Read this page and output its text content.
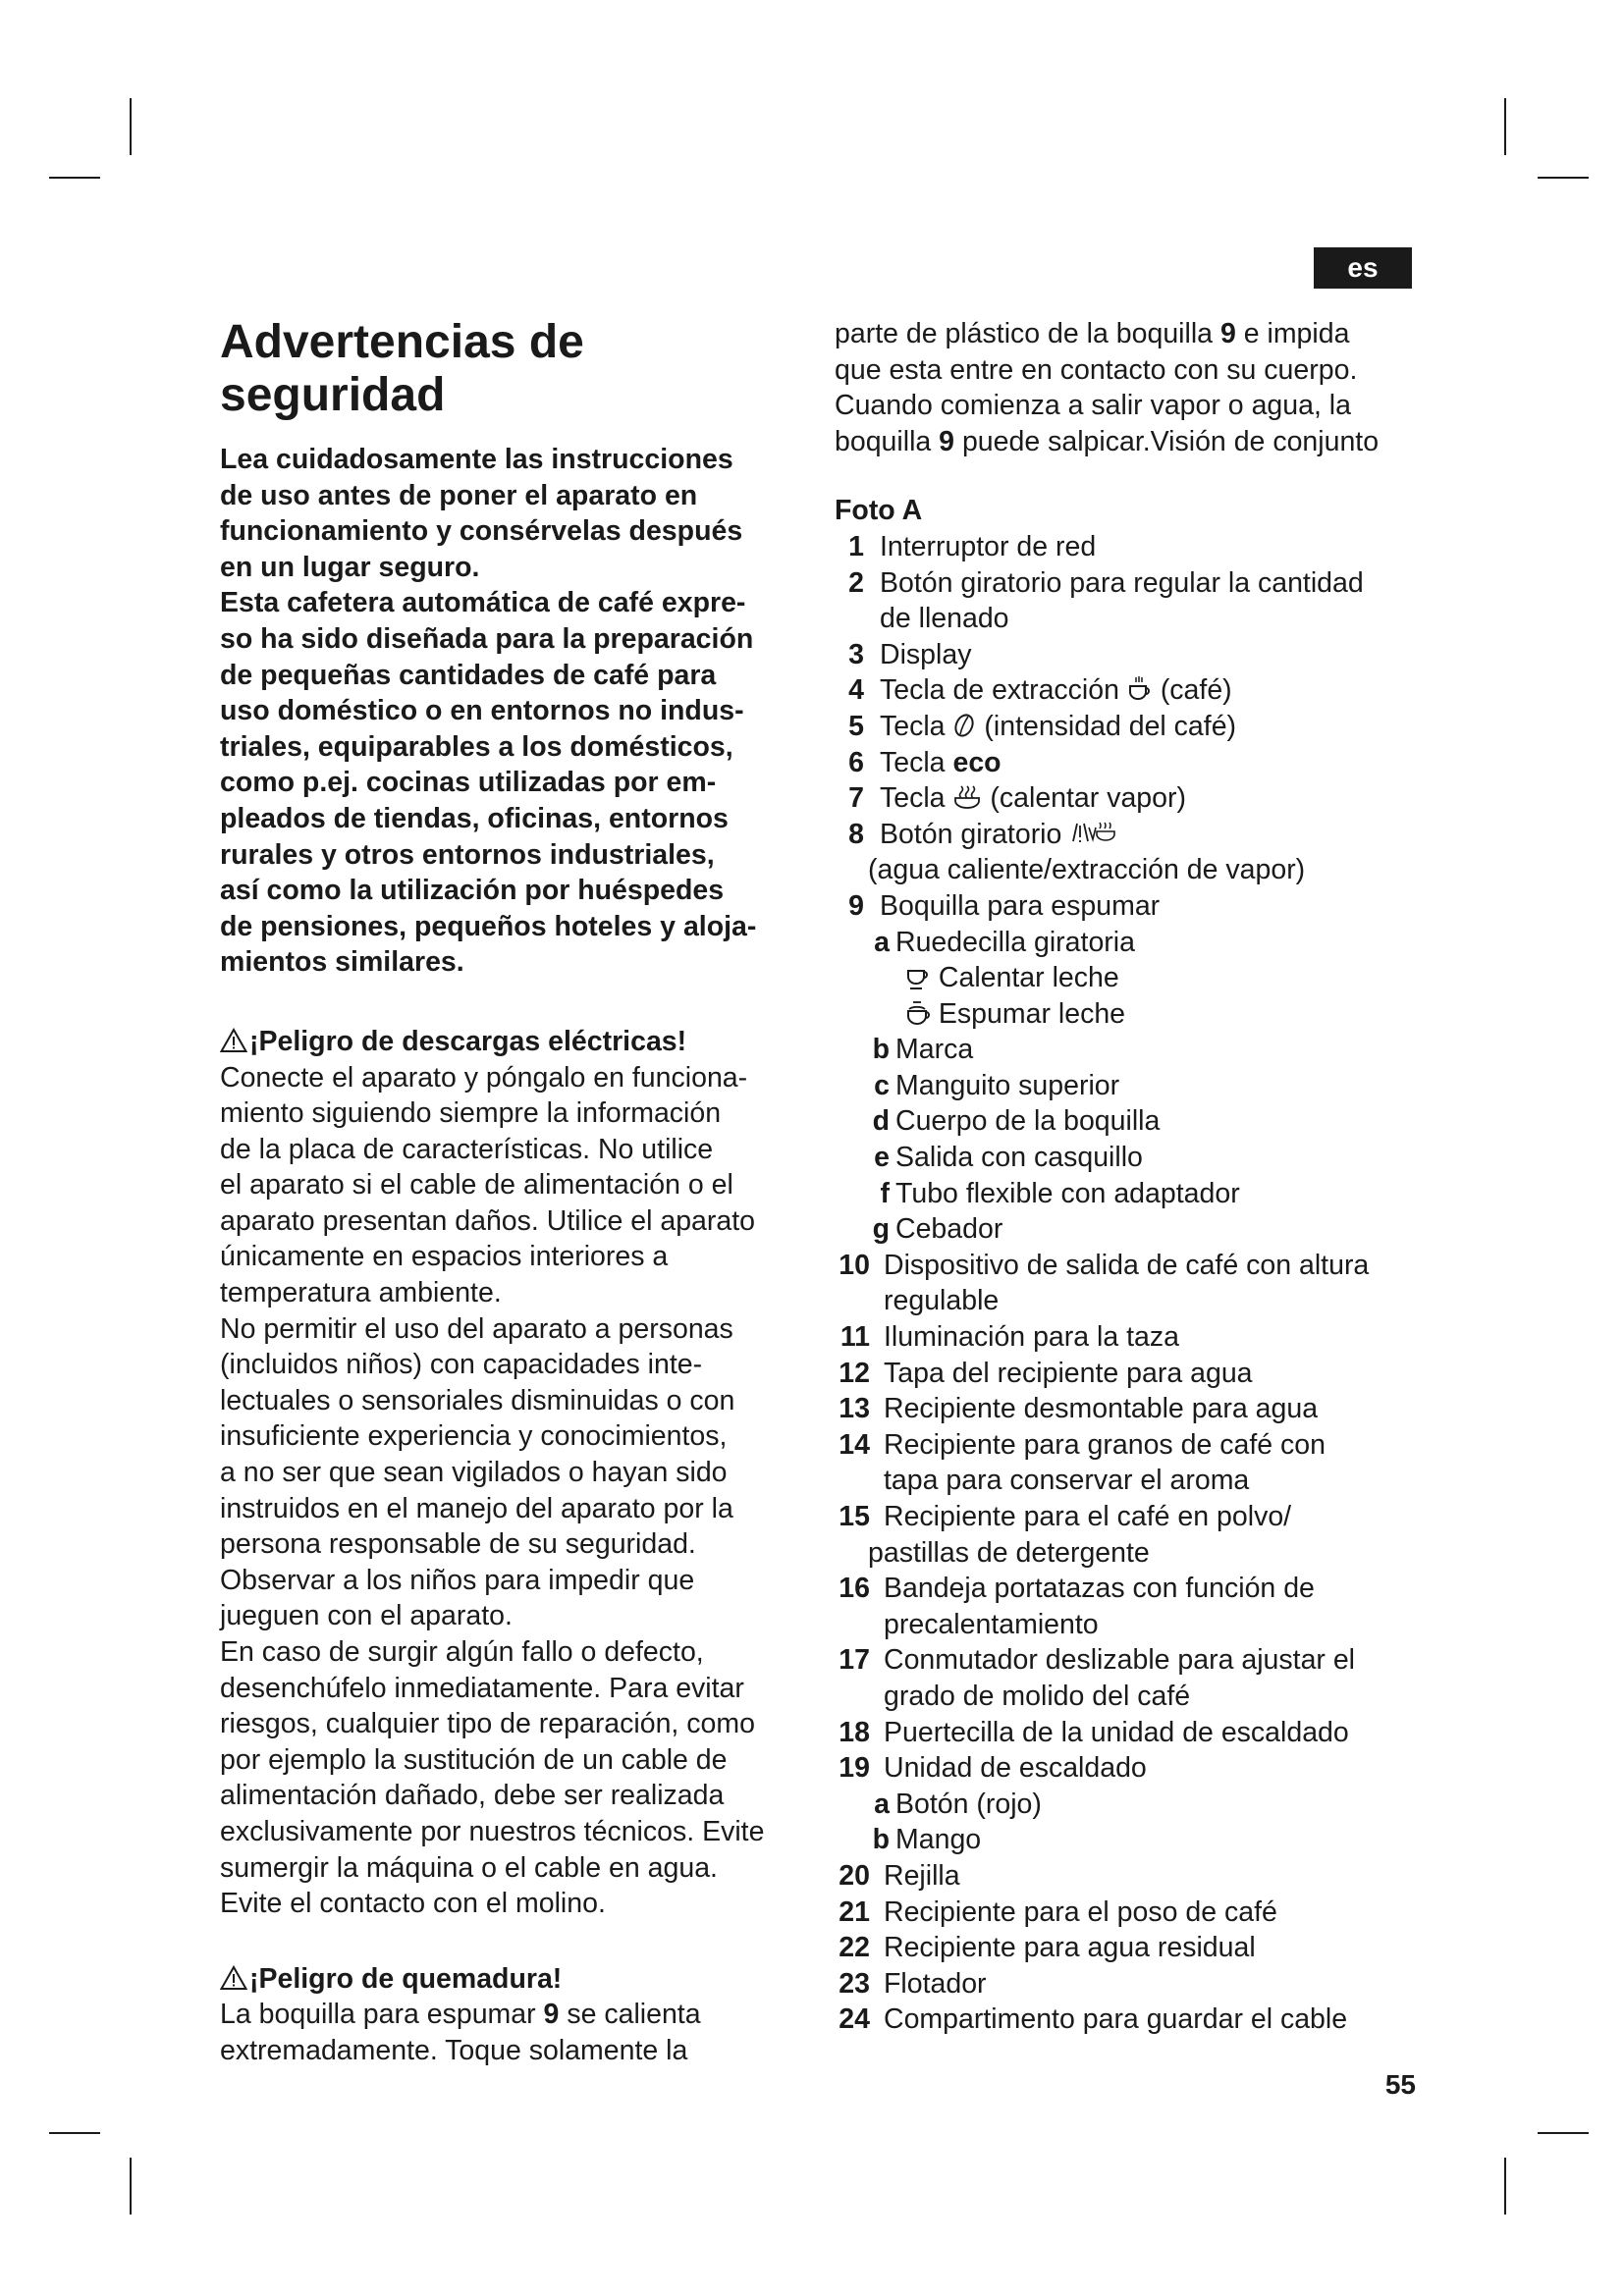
es
Advertencias de
seguridad

Lea cuidadosamente las instrucciones
de uso antes de poner el aparato en
funcionamiento y consérvelas después
en un lugar seguro.
Esta cafetera automática de café expre-
so ha sido diseñada para la preparación
de pequeñas cantidades de café para
uso doméstico o en entornos no indus-
triales, equiparables a los domésticos,
como p.ej. cocinas utilizadas por em-
pleados de tiendas, oficinas, entornos
rurales y otros entornos industriales,
así como la utilización por huéspedes
de pensiones, pequeños hoteles y aloja-
mientos similares.

¡Peligro de descargas eléctricas!

Conecte el aparato y póngalo en funciona-
miento siguiendo siempre la información
de la placa de características. No utilice
el aparato si el cable de alimentación o el
aparato presentan daños. Utilice el aparato
únicamente en espacios interiores a
temperatura ambiente.
No permitir el uso del aparato a personas
(incluidos niños) con capacidades inte-
lectuales o sensoriales disminuidas o con
insuficiente experiencia y conocimientos,
a no ser que sean vigilados o hayan sido
instruidos en el manejo del aparato por la
persona responsable de su seguridad.
Observar a los niños para impedir que
jueguen con el aparato.
En caso de surgir algún fallo o defecto,
desenchúfelo inmediatamente. Para evitar
riesgos, cualquier tipo de reparación, como
por ejemplo la sustitución de un cable de
alimentación dañado, debe ser realizada
exclusivamente por nuestros técnicos. Evite
sumergir la máquina o el cable en agua.
Evite el contacto con el molino.

¡Peligro de quemadura!

La boquilla para espumar 9 se calienta
extremadamente. Toque solamente la

parte de plástico de la boquilla 9 e impida
que esta entre en contacto con su cuerpo.
Cuando comienza a salir vapor o agua, la
boquilla 9 puede salpicar.Visión de conjunto

Foto A

1 Interruptor de red
2 Botón giratorio para regular la cantidad
de llenado
3 Display
4 Tecla de extracción (café)
5 Tecla (intensidad del café)
6 Tecla eco
7 Tecla (calentar vapor)
8 Botón giratorio
(agua caliente/extracción de vapor)
9 Boquilla para espumar
a Ruedecilla giratoria
Calentar leche
Espumar leche
b Marca
c Manguito superior
d Cuerpo de la boquilla
e Salida con casquillo
f Tubo flexible con adaptador
g Cebador
10 Dispositivo de salida de café con altura
regulable
11 Iluminación para la taza
12 Tapa del recipiente para agua
13 Recipiente desmontable para agua
14 Recipiente para granos de café con
tapa para conservar el aroma
15 Recipiente para el café en polvo/
pastillas de detergente
16 Bandeja portatazas con función de
precalentamiento
17 Conmutador deslizable para ajustar el
grado de molido del café
18 Puertecilla de la unidad de escaldado
19 Unidad de escaldado
a Botón (rojo)
b Mango
20 Rejilla
21 Recipiente para el poso de café
22 Recipiente para agua residual
23 Flotador
24 Compartimento para guardar el cable
55
